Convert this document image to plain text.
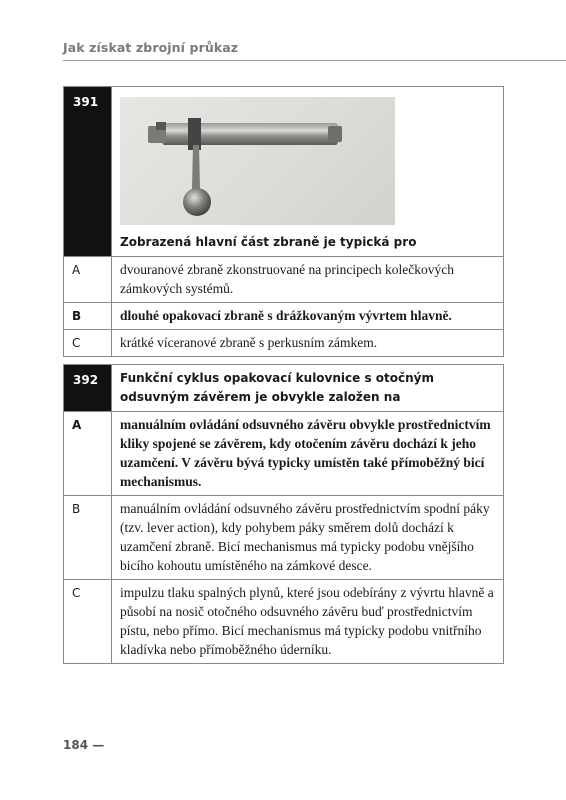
Jak získat zbrojní průkaz
391	Zobrazená hlavní část zbraně je typická pro

A	dvouranové zbraně zkonstruované na principech kolečkových zámkových systémů.
B	dlouhé opakovací zbraně s drážkovaným vývrtem hlavně.
C	krátké víceranové zbraně s perkusním zámkem.
392	Funkční cyklus opakovací kulovnice s otočným odsuvným závěrem je obvykle založen na
A	manuálním ovládání odsuvného závěru obvykle prostřednictvím kliky spojené se závěrem, kdy otočením závěru dochází k jeho uzamčení. V závěru bývá typicky umístěn také přímoběžný bicí mechanismus.
B	manuálním ovládání odsuvného závěru prostřednictvím spodní páky (tzv. lever action), kdy pohybem páky směrem dolů dochází k uzamčení zbraně. Bicí mechanismus má typicky podobu vnějšího bicího kohoutu umístěného na zámkové desce.
C	impulzu tlaku spalných plynů, které jsou odebírány z vývrtu hlavně a působí na nosič otočného odsuvného závěru buď prostřednictvím pístu, nebo přímo. Bicí mechanismus má typicky podobu vnitřního kladívka nebo přímoběžného úderníku.
184 —
